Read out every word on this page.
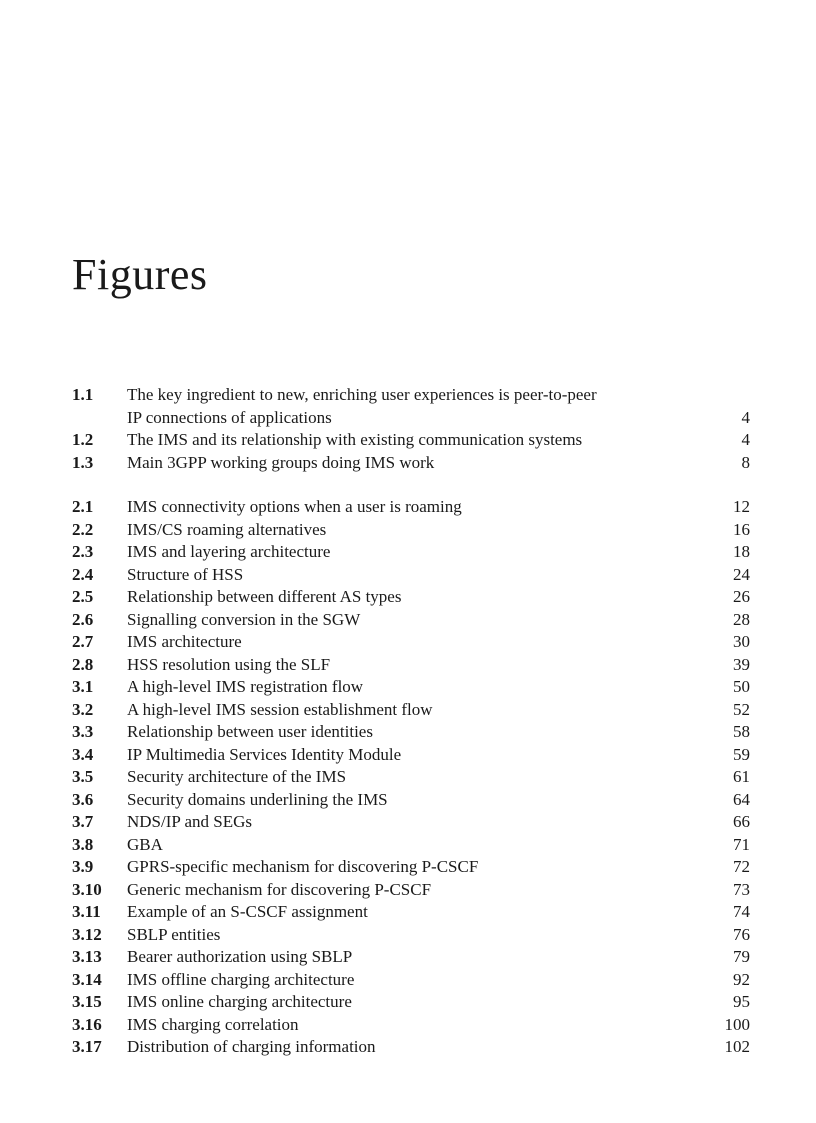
Figures
1.1 The key ingredient to new, enriching user experiences is peer-to-peer
IP connections of applications	4
1.2 The IMS and its relationship with existing communication systems	4
1.3 Main 3GPP working groups doing IMS work	8
2.1 IMS connectivity options when a user is roaming	12
2.2 IMS/CS roaming alternatives	16
2.3 IMS and layering architecture	18
2.4 Structure of HSS	24
2.5 Relationship between different AS types	26
2.6 Signalling conversion in the SGW	28
2.7 IMS architecture	30
2.8 HSS resolution using the SLF	39
3.1 A high-level IMS registration flow	50
3.2 A high-level IMS session establishment flow	52
3.3 Relationship between user identities	58
3.4 IP Multimedia Services Identity Module	59
3.5 Security architecture of the IMS	61
3.6 Security domains underlining the IMS	64
3.7 NDS/IP and SEGs	66
3.8 GBA	71
3.9 GPRS-specific mechanism for discovering P-CSCF	72
3.10 Generic mechanism for discovering P-CSCF	73
3.11 Example of an S-CSCF assignment	74
3.12 SBLP entities	76
3.13 Bearer authorization using SBLP	79
3.14 IMS offline charging architecture	92
3.15 IMS online charging architecture	95
3.16 IMS charging correlation	100
3.17 Distribution of charging information	102
